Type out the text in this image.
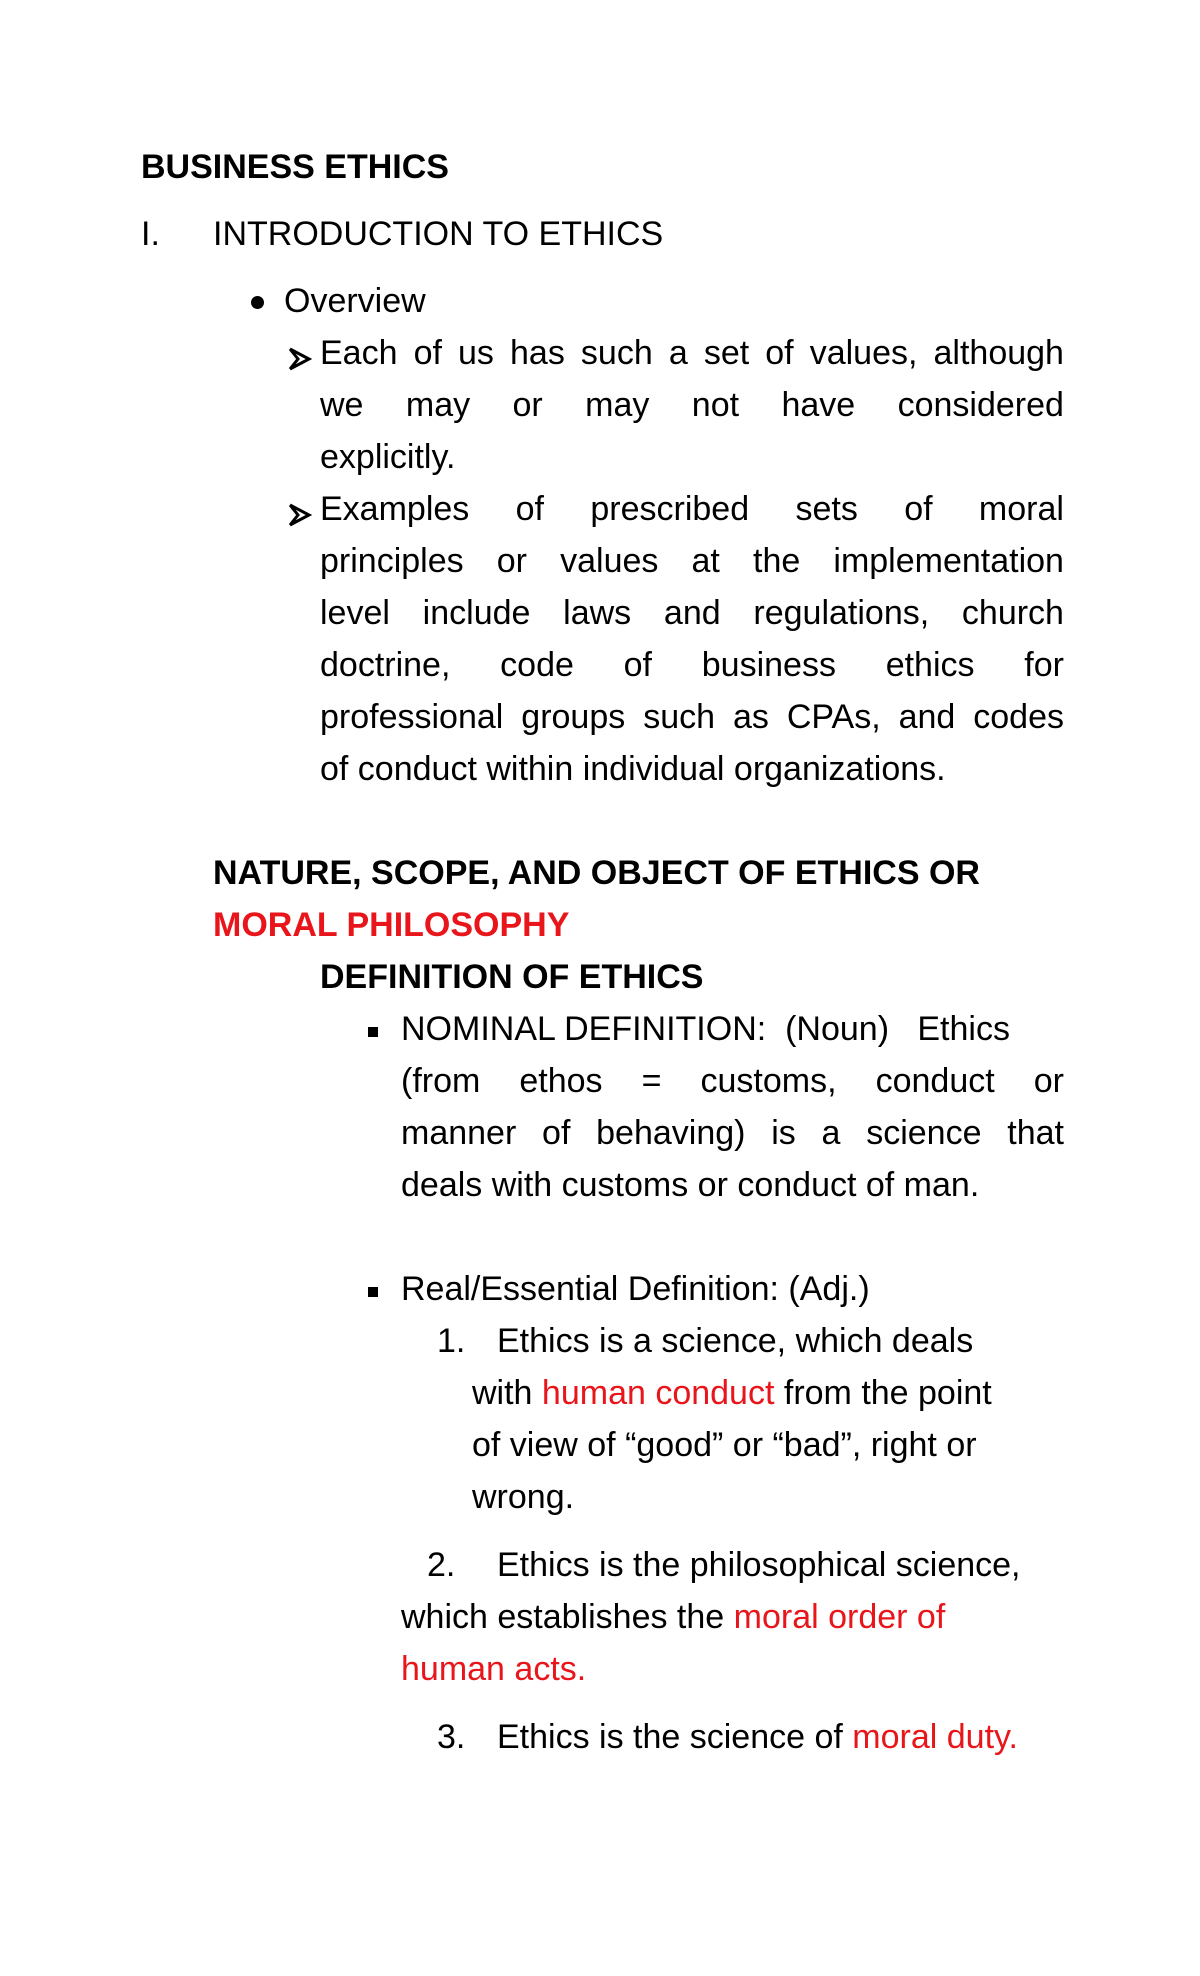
BUSINESS ETHICS
I. INTRODUCTION TO ETHICS
Overview
Each of us has such a set of values, although
we may or may not have considered
explicitly.
Examples of prescribed sets of moral
principles or values at the implementation
level include laws and regulations, church
doctrine, code of business ethics for
professional groups such as CPAs, and codes
of conduct within individual organizations.
NATURE, SCOPE, AND OBJECT OF ETHICS OR
MORAL PHILOSOPHY
DEFINITION OF ETHICS
NOMINAL DEFINITION:  (Noun)   Ethics
(from ethos = customs, conduct or
manner of behaving) is a science that
deals with customs or conduct of man.
Real/Essential Definition: (Adj.)
1. Ethics is a science, which deals
with human conduct from the point
of view of “good” or “bad”, right or
wrong.
2. Ethics is the philosophical science,
which establishes the moral order of
human acts.
3. Ethics is the science of moral duty.
